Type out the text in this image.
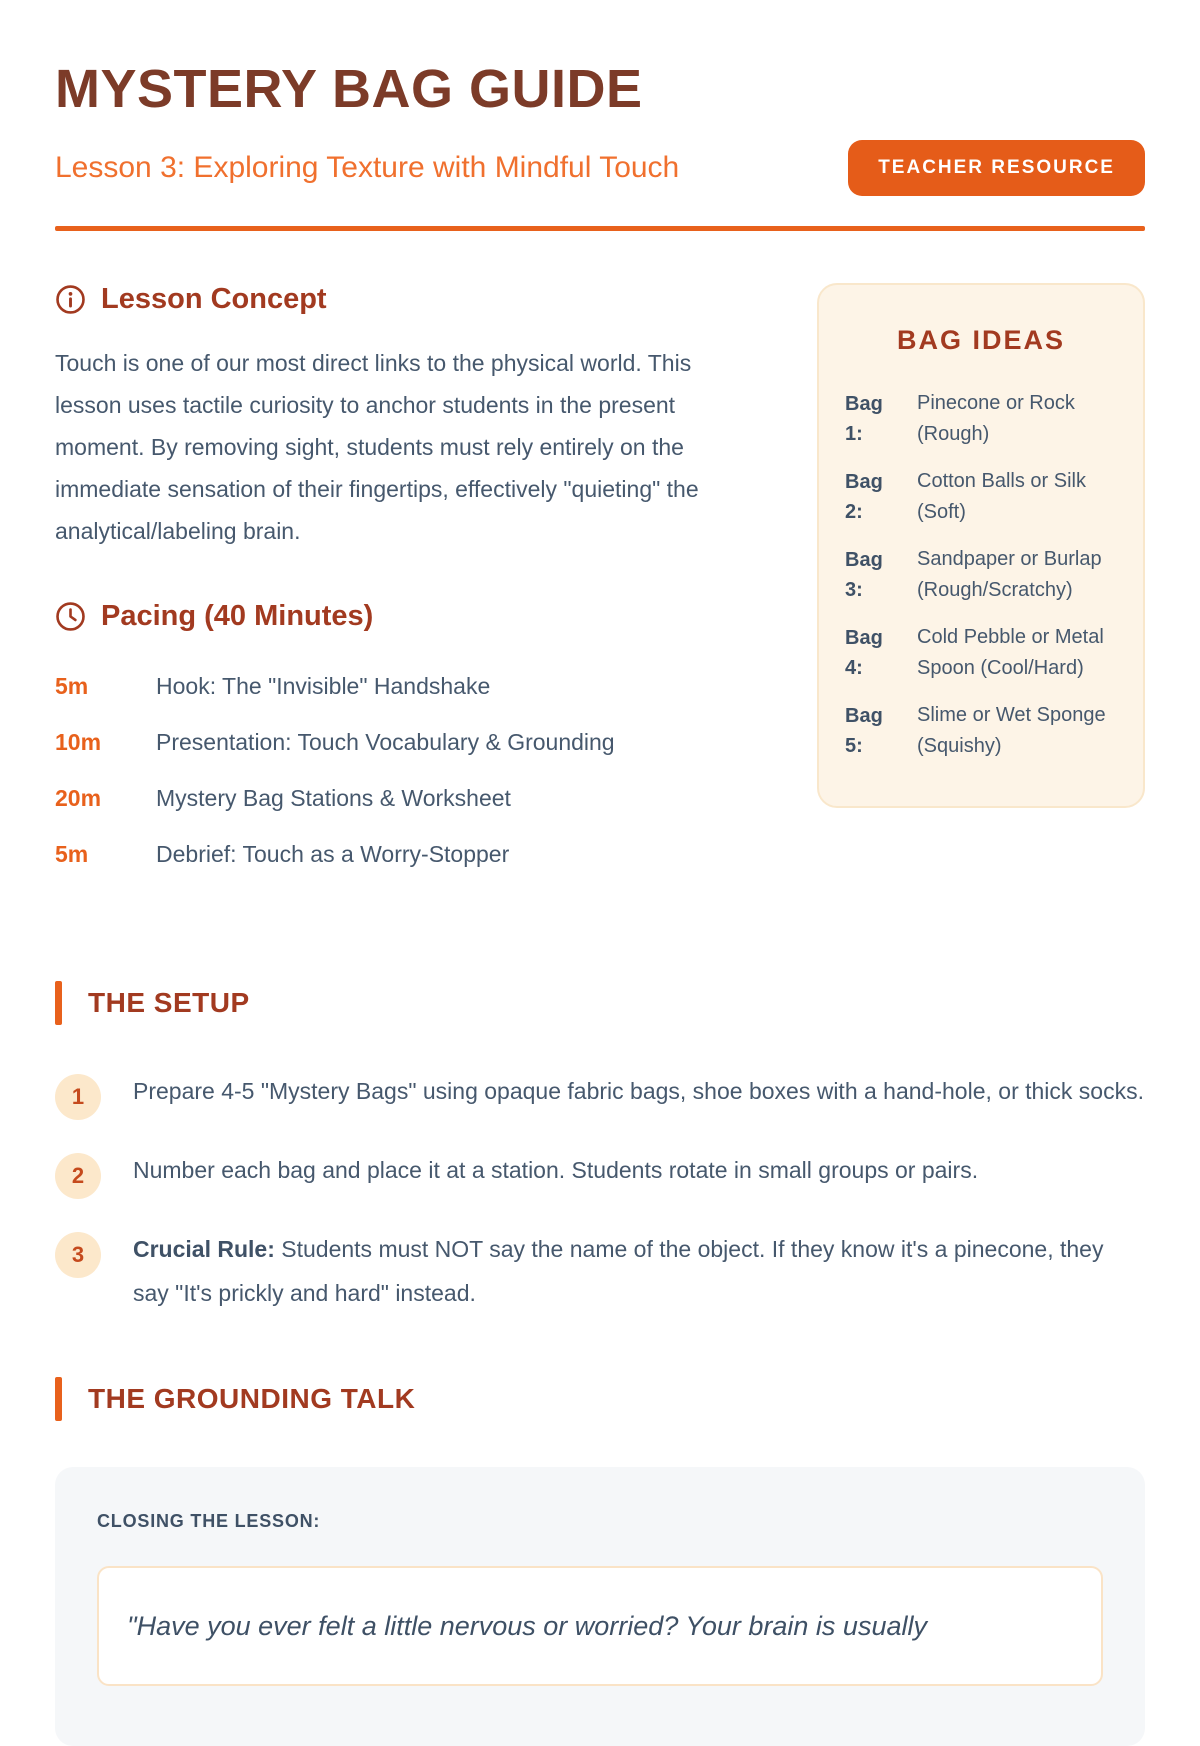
MYSTERY BAG GUIDE
Lesson 3: Exploring Texture with Mindful Touch	TEACHER RESOURCE
Lesson Concept

Touch is one of our most direct links to the physical world. This lesson uses tactile curiosity to anchor students in the present moment. By removing sight, students must rely entirely on the immediate sensation of their fingertips, effectively "quieting" the analytical/labeling brain.

Pacing (40 Minutes)
5m	Hook: The "Invisible" Handshake
10m	Presentation: Touch Vocabulary & Grounding
20m	Mystery Bag Stations & Worksheet
5m	Debrief: Touch as a Worry-Stopper
BAG IDEAS
Bag 1:
Pinecone or Rock (Rough)
Bag 2:
Cotton Balls or Silk (Soft)
Bag 3:
Sandpaper or Burlap (Rough/Scratchy)
Bag 4:
Cold Pebble or Metal Spoon (Cool/Hard)
Bag 5:
Slime or Wet Sponge (Squishy)
THE SETUP
1	Prepare 4-5 "Mystery Bags" using opaque fabric bags, shoe boxes with a hand-hole, or thick socks.
2	Number each bag and place it at a station. Students rotate in small groups or pairs.
3	Crucial Rule: Students must NOT say the name of the object. If they know it's a pinecone, they say "It's prickly and hard" instead.
THE GROUNDING TALK
CLOSING THE LESSON:
"Have you ever felt a little nervous or worried? Your brain is usually
